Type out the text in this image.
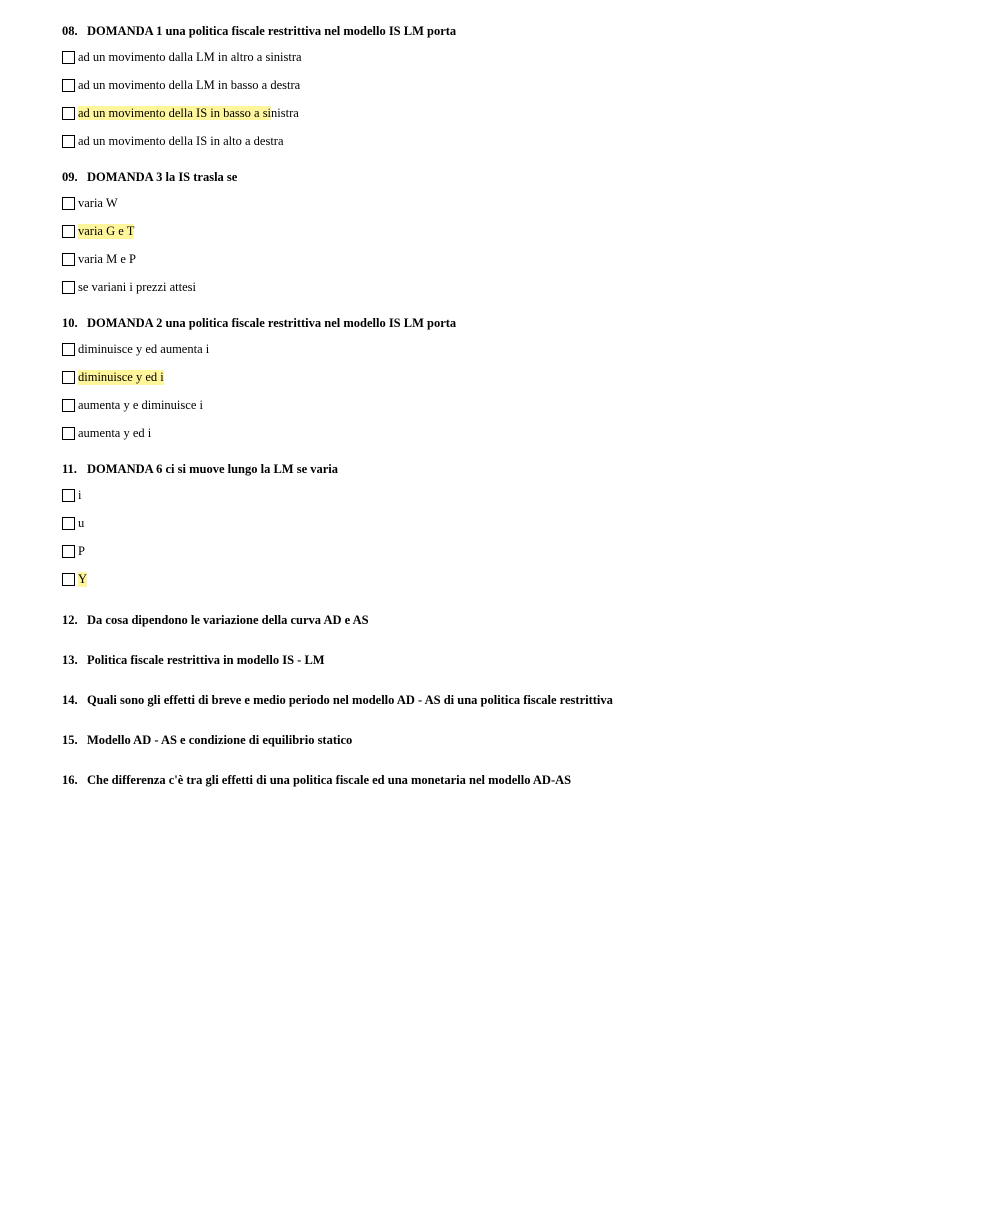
08. DOMANDA 1 una politica fiscale restrittiva nel modello IS LM porta
ad un movimento dalla LM in altro a sinistra
ad un movimento della LM in basso a destra
ad un movimento della IS in basso a sinistra
ad un movimento della IS in alto a destra
09. DOMANDA 3 la IS trasla se
varia W
varia G e T
varia M e P
se variani i prezzi attesi
10. DOMANDA 2 una politica fiscale restrittiva nel modello IS LM porta
diminuisce y ed aumenta i
diminuisce y ed i
aumenta y e diminuisce i
aumenta y ed i
11. DOMANDA 6 ci si muove lungo la LM se varia
i
u
P
Y
12. Da cosa dipendono le variazione della curva AD e AS
13. Politica fiscale restrittiva in modello IS - LM
14. Quali sono gli effetti di breve e medio periodo nel modello AD - AS di una politica fiscale restrittiva
15. Modello AD - AS e condizione di equilibrio statico
16. Che differenza c'è tra gli effetti di una politica fiscale ed una monetaria nel modello AD-AS
